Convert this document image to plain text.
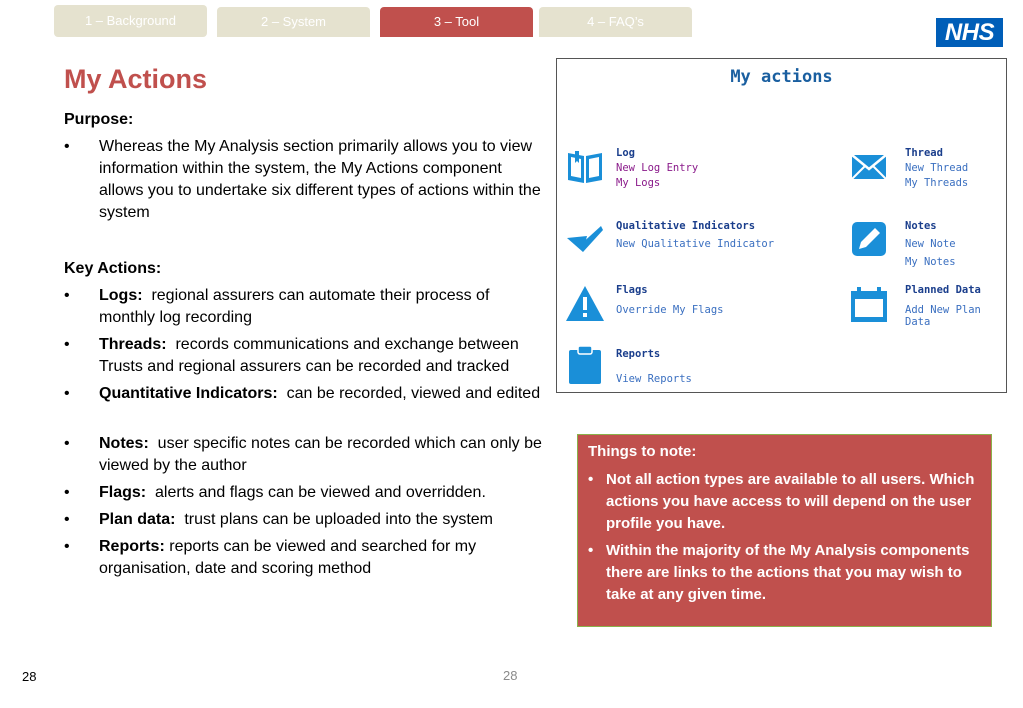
1 – Background	2 – System	3 – Tool	4 – FAQ’s	NHS
My Actions
Purpose:
• Whereas the My Analysis section primarily allows you to view information within the system, the My Actions component allows you to undertake six different types of actions within the system
Key Actions:
• Logs: regional assurers can automate their process of monthly log recording
• Threads: records communications and exchange between Trusts and regional assurers can be recorded and tracked
• Quantitative Indicators: can be recorded, viewed and edited
• Notes: user specific notes can be recorded which can only be viewed by the author
• Flags: alerts and flags can be viewed and overridden.
• Plan data: trust plans can be uploaded into the system
• Reports: reports can be viewed and searched for my organisation, date and scoring method
My actions
Log
New Log Entry
My Logs
Thread
New Thread
My Threads
Qualitative Indicators
New Qualitative Indicator
Notes
New Note
My Notes
Flags
Override My Flags
Planned Data
Add New Plan Data
Reports
View Reports
Things to note:
• Not all action types are available to all users. Which actions you have access to will depend on the user profile you have.
• Within the majority of the My Analysis components there are links to the actions that you may wish to take at any given time.
28	28
